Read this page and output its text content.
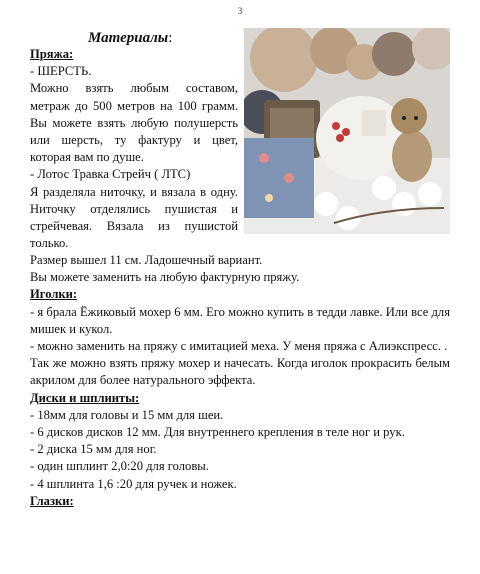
3
Материалы:

Пряжа:

- ШЕРСТЬ.

Можно взять любым составом, метраж до 500 метров на 100 грамм. Вы можете взять любую полушерсть или шерсть, ту фактуру и цвет, которая вам по душе.

- Лотос Травка Стрейч ( ЛТС)

Я разделяла ниточку, и вязала в одну. Ниточку отделялись пушистая и стрейчевая. Вязала из пушистой только.

Размер вышел 11 см. Ладошечный вариант.

Вы можете заменить на любую фактурную пряжу.

Иголки:

- я брала Ёжиковый мохер 6 мм. Его можно купить в тедди лавке. Или все для мишек и кукол.

- можно заменить на пряжу с имитацией меха. У меня пряжа с Алиэкспресс. .

Так же можно взять пряжу мохер и начесать. Когда иголок прокрасить белым акрилом для более натурального эффекта.

Диски и шплинты:

- 18мм для головы и 15 мм для шеи.

- 6 дисков дисков 12 мм. Для внутреннего крепления в теле ног и рук.

- 2 диска 15 мм для ног.

- один шплинт 2,0:20 для головы.

- 4 шплинта 1,6 :20 для ручек и ножек.

Глазки:
